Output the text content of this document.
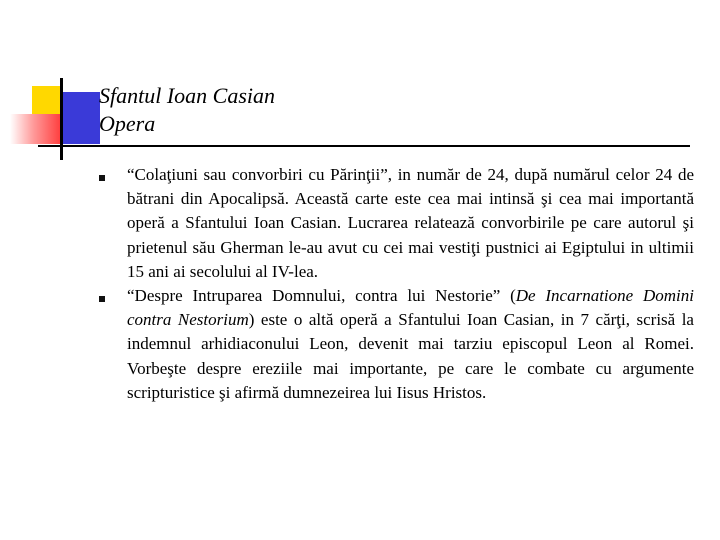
Sfantul Ioan Casian
Opera
“Colaţiuni sau convorbiri cu Părinţii”, in număr de 24, după numărul celor 24 de bătrani din Apocalipsă. Această carte este cea mai intinsă şi cea mai importantă operă a Sfantului Ioan Casian. Lucrarea relatează convorbirile pe care autorul şi prietenul său Gherman le-au avut cu cei mai vestiţi pustnici ai Egiptului in ultimii 15 ani ai secolului al IV-lea.
“Despre Intruparea Domnului, contra lui Nestorie” (De Incarnatione Domini contra Nestorium) este o altă operă a Sfantului Ioan Casian, in 7 cărţi, scrisă la indemnul arhidiaconului Leon, devenit mai tarziu episcopul Leon al Romei. Vorbeşte despre ereziile mai importante, pe care le combate cu argumente scripturistice şi afirmă dumnezeirea lui Iisus Hristos.
